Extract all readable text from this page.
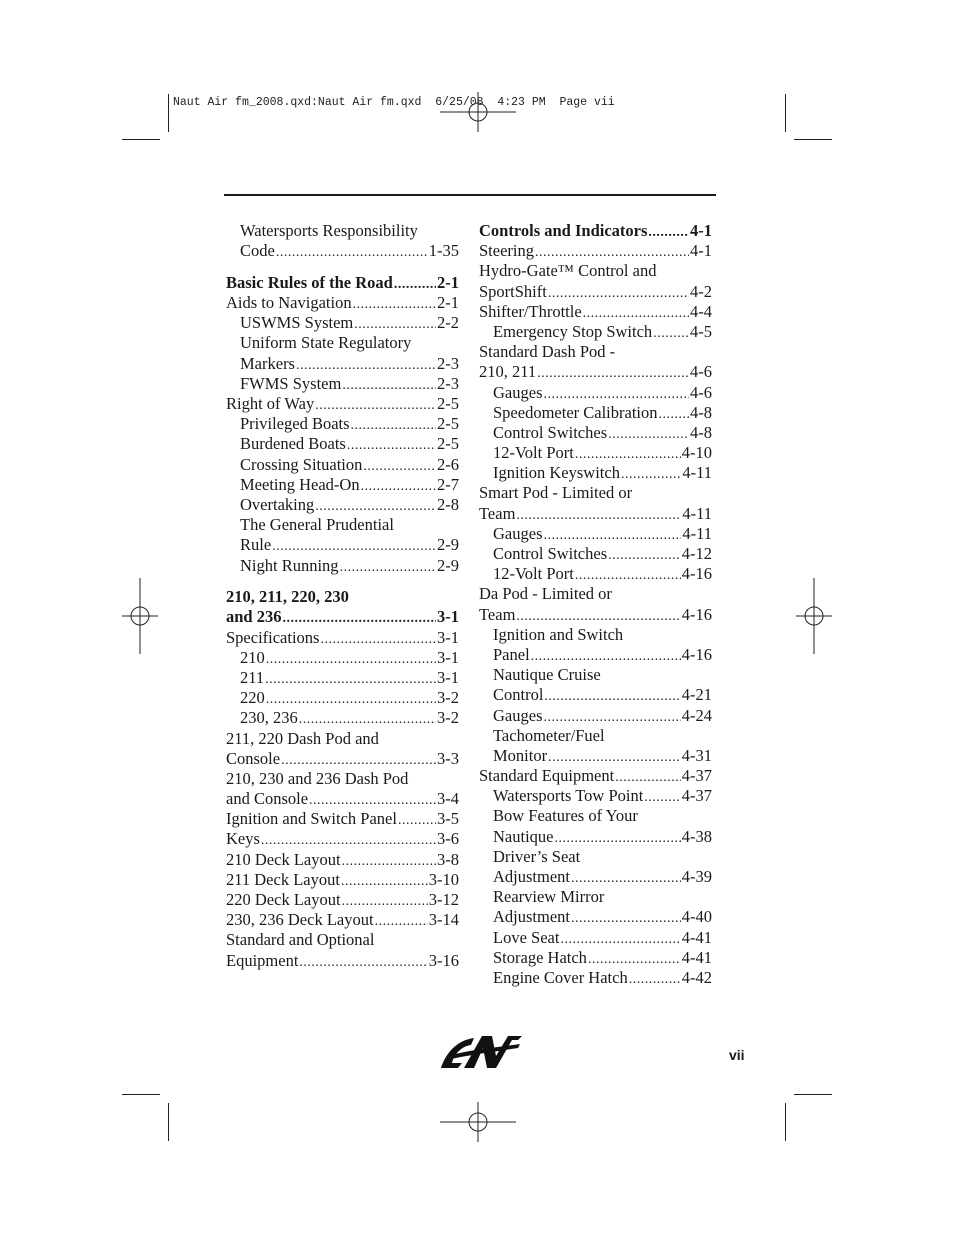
Naut Air fm_2008.qxd:Naut Air fm.qxd  6/25/08  4:23 PM  Page vii
Watersports Responsibility
Code .....	1-35
Basic Rules of the Road .....	2-1
Aids to Navigation .....	2-1
USWMS System .....	2-2
Uniform State Regulatory
Markers .....	2-3
FWMS System .....	2-3
Right of Way .....	2-5
Privileged Boats .....	2-5
Burdened Boats .....	2-5
Crossing Situation .....	2-6
Meeting Head-On .....	2-7
Overtaking .....	2-8
The General Prudential
Rule .....	2-9
Night Running .....	2-9
210, 211, 220, 230
and 236 .....	3-1
Specifications .....	3-1
210 .....	3-1
211 .....	3-1
220 .....	3-2
230, 236 .....	3-2
211, 220 Dash Pod and
Console .....	3-3
210, 230 and 236 Dash Pod
and Console .....	3-4
Ignition and Switch Panel ..... 3-5
Keys .....	3-6
210 Deck Layout .....	3-8
211 Deck Layout .....	3-10
220 Deck Layout .....	3-12
230, 236 Deck Layout .....	3-14
Standard and Optional
Equipment .....	3-16
Controls and Indicators .....	4-1
Steering .....	4-1
Hydro-Gate™ Control and
SportShift .....	4-2
Shifter/Throttle .....	4-4
Emergency Stop Switch ..... 4-5
Standard Dash Pod -
210, 211 .....	4-6
Gauges .....	4-6
Speedometer Calibration ..... 4-8
Control Switches .....	4-8
12-Volt Port .....	4-10
Ignition Keyswitch .....	4-11
Smart Pod - Limited or
Team .....	4-11
Gauges .....	4-11
Control Switches .....	4-12
12-Volt Port .....	4-16
Da Pod - Limited or
Team .....	4-16
Ignition and Switch
Panel .....	4-16
Nautique Cruise
Control .....	4-21
Gauges .....	4-24
Tachometer/Fuel
Monitor .....	4-31
Standard Equipment .....	4-37
Watersports Tow Point ..... 4-37
Bow Features of Your
Nautique .....	4-38
Driver’s Seat
Adjustment .....	4-39
Rearview Mirror
Adjustment .....	4-40
Love Seat .....	4-41
Storage Hatch .....	4-41
Engine Cover Hatch .....	4-42
vii
